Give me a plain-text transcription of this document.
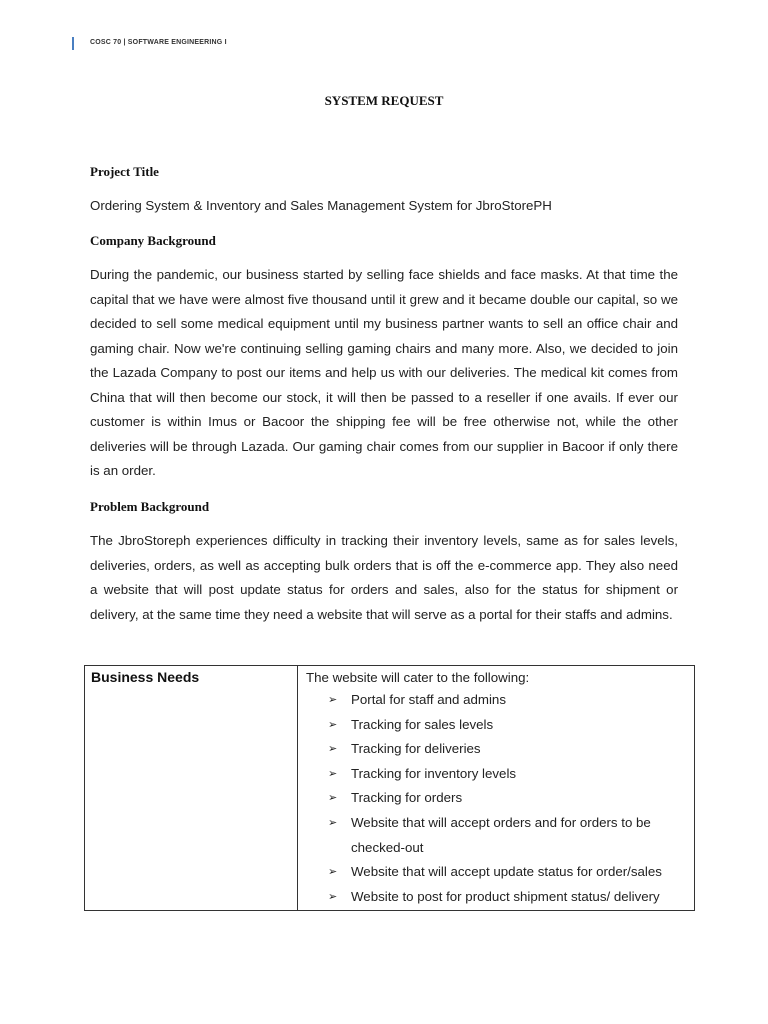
COSC 70 | SOFTWARE ENGINEERING I
SYSTEM REQUEST
Project Title
Ordering System & Inventory and Sales Management System for JbroStorePH
Company Background

During the pandemic, our business started by selling face shields and face masks. At that time the capital that we have were almost five thousand until it grew and it became double our capital, so we decided to sell some medical equipment until my business partner wants to sell an office chair and gaming chair. Now we're continuing selling gaming chairs and many more. Also, we decided to join the Lazada Company to post our items and help us with our deliveries. The medical kit comes from China that will then become our stock, it will then be passed to a reseller if one avails. If ever our customer is within Imus or Bacoor the shipping fee will be free otherwise not, while the other deliveries will be through Lazada. Our gaming chair comes from our supplier in Bacoor if only there is an order.

Problem Background

The JbroStoreph experiences difficulty in tracking their inventory levels, same as for sales levels, deliveries, orders, as well as accepting bulk orders that is off the e-commerce app. They also need a website that will post update status for orders and sales, also for the status for shipment or delivery, at the same time they need a website that will serve as a portal for their staffs and admins.

Business Needs	The website will cater to the following:
➢ Portal for staff and admins
➢ Tracking for sales levels
➢ Tracking for deliveries
➢ Tracking for inventory levels
➢ Tracking for orders
➢ Website that will accept orders and for orders to be checked-out
➢ Website that will accept update status for order/sales
➢ Website to post for product shipment status/ delivery
